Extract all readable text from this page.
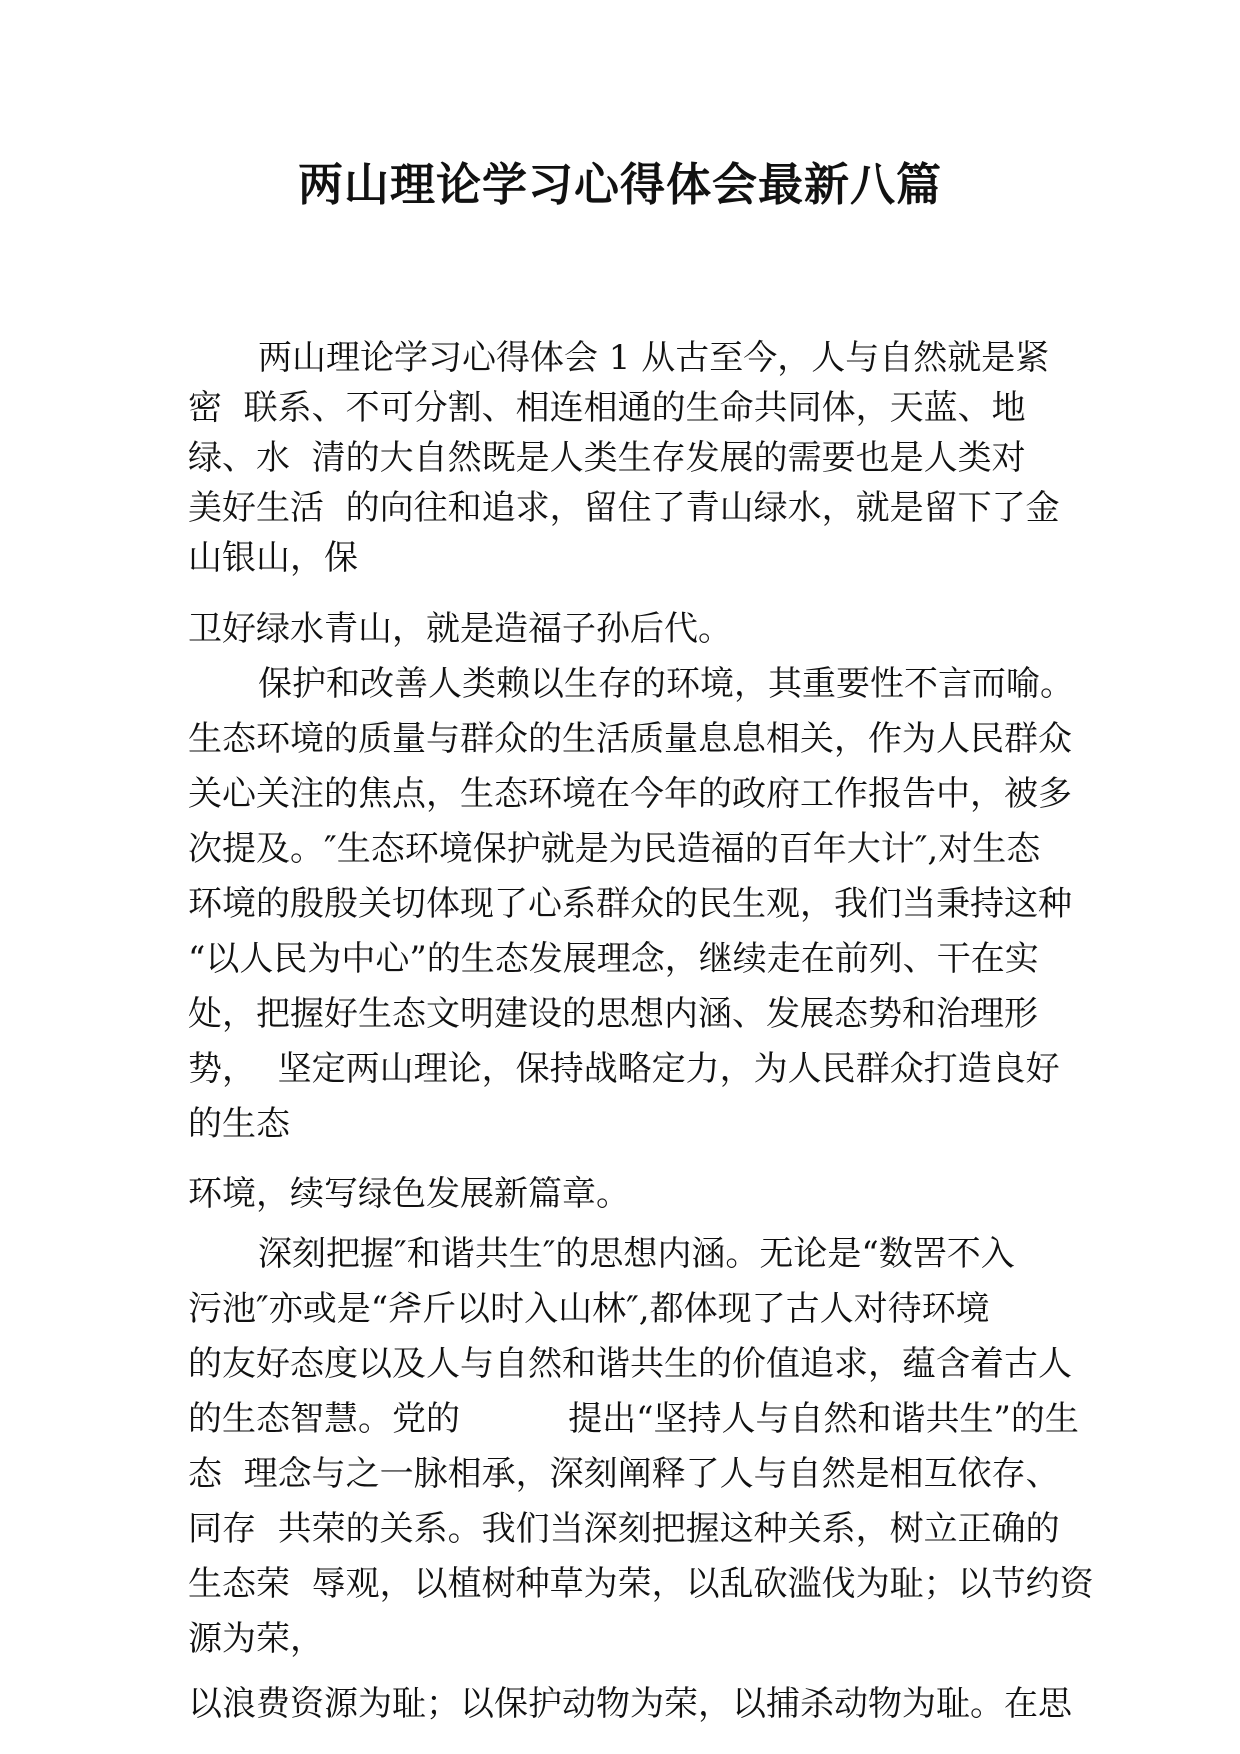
两山理论学习心得体会最新八篇

两山理论学习心得体会 1 从古至今，人与自然就是紧

密  联系、不可分割、相连相通的生命共同体，天蓝、地

绿、水  清的大自然既是人类生存发展的需要也是人类对

美好生活  的向往和追求，留住了青山绿水，就是留下了金

山银山，保

卫好绿水青山，就是造福子孙后代。

保护和改善人类赖以生存的环境，其重要性不言而喻。

生态环境的质量与群众的生活质量息息相关，作为人民群众

关心关注的焦点，生态环境在今年的政府工作报告中，被多

次提及。″生态环境保护就是为民造福的百年大计″,对生态

环境的殷殷关切体现了心系群众的民生观，我们当秉持这种

“以人民为中心”的生态发展理念，继续走在前列、干在实

处，把握好生态文明建设的思想内涵、发展态势和治理形

势，  坚定两山理论，保持战略定力，为人民群众打造良好

的生态

环境，续写绿色发展新篇章。

深刻把握″和谐共生″的思想内涵。无论是“数罟不入

污池″亦或是“斧斤以时入山林″,都体现了古人对待环境

的友好态度以及人与自然和谐共生的价值追求，蕴含着古人

的生态智慧。党的          提出“坚持人与自然和谐共生”的生

态  理念与之一脉相承，深刻阐释了人与自然是相互依存、

同存  共荣的关系。我们当深刻把握这种关系，树立正确的

生态荣  辱观，以植树种草为荣，以乱砍滥伐为耻；以节约资

源为荣，

以浪费资源为耻；以保护动物为荣，以捕杀动物为耻。在思
